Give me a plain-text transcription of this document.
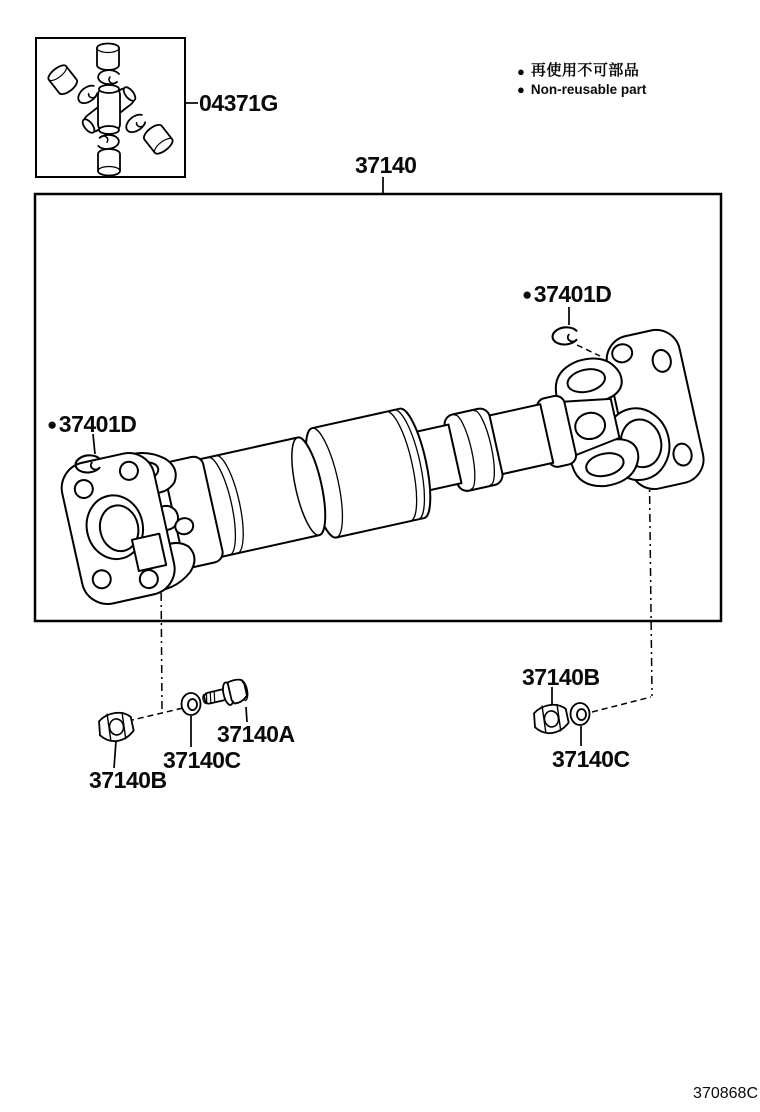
● 再使用不可部品
● Non-reusable part
04371G
37140
●37401D
●37401D
37140B
37140C
37140A
37140B
37140C
370868C
